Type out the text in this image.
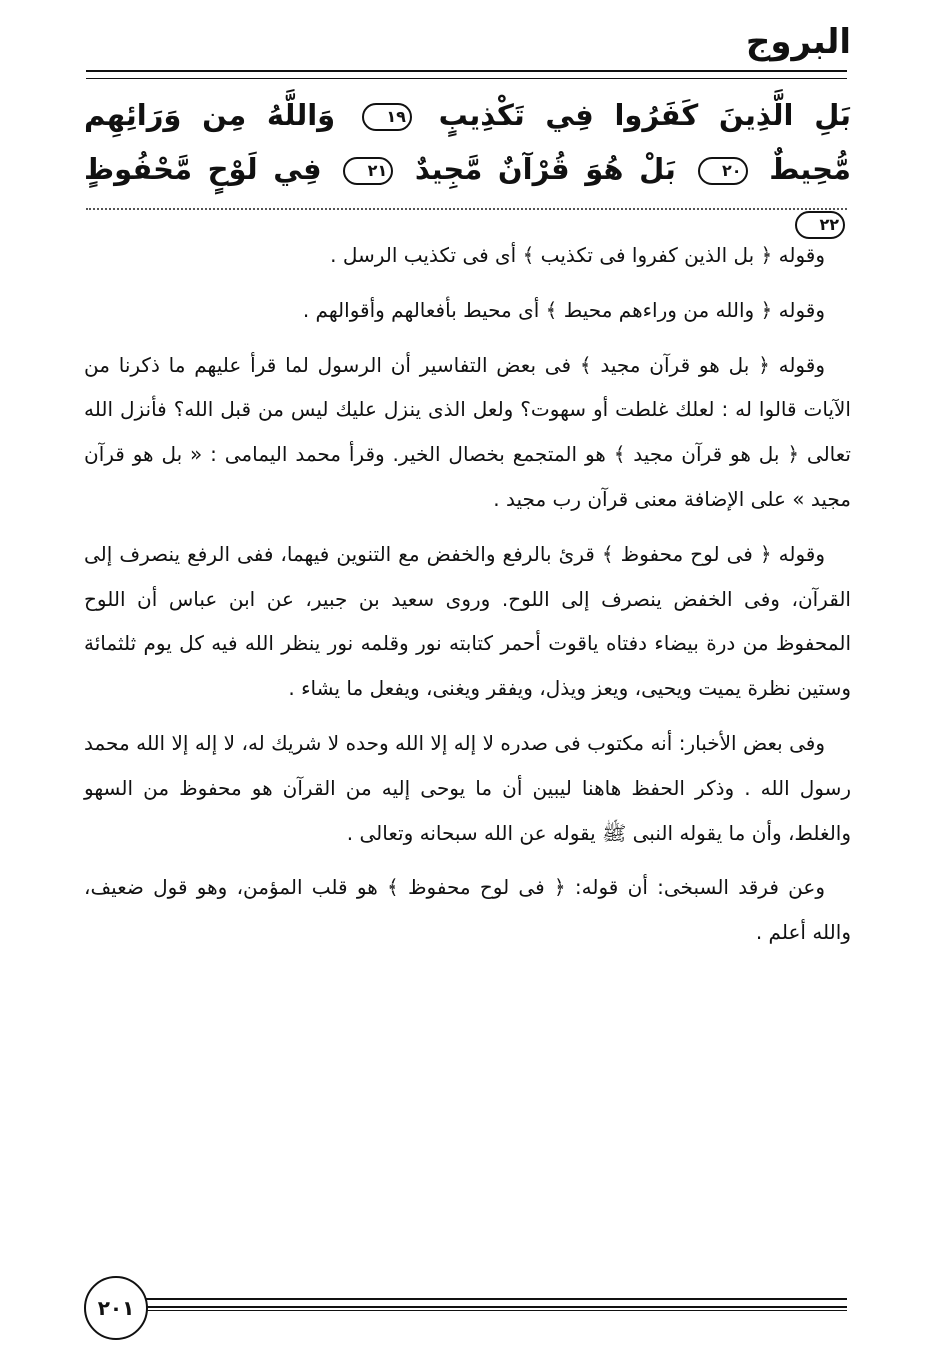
البروج
بَلِ الَّذِينَ كَفَرُوا فِي تَكْذِيبٍ ١٩ وَاللَّهُ مِن وَرَائِهِم مُّحِيطٌ ٢٠ بَلْ هُوَ قُرْآنٌ مَّجِيدٌ ٢١ فِي لَوْحٍ مَّحْفُوظٍ ٢٢

وقوله ﴿ بل الذين كفروا فى تكذيب ﴾ أى فى تكذيب الرسل .

وقوله ﴿ والله من وراءهم محيط ﴾ أى محيط بأفعالهم وأقوالهم .

وقوله ﴿ بل هو قرآن مجيد ﴾ فى بعض التفاسير أن الرسول لما قرأ عليهم ما ذكرنا من الآيات قالوا له : لعلك غلطت أو سهوت؟ ولعل الذى ينزل عليك ليس من قبل الله؟ فأنزل الله تعالى ﴿ بل هو قرآن مجيد ﴾ هو المتجمع بخصال الخير. وقرأ محمد اليمامى : « بل هو قرآن مجيد » على الإضافة معنى قرآن رب مجيد .

وقوله ﴿ فى لوح محفوظ ﴾ قرئ بالرفع والخفض مع التنوين فيهما، ففى الرفع ينصرف إلى القرآن، وفى الخفض ينصرف إلى اللوح. وروى سعيد بن جبير، عن ابن عباس أن اللوح المحفوظ من درة بيضاء دفتاه ياقوت أحمر كتابته نور وقلمه نور ينظر الله فيه كل يوم ثلثمائة وستين نظرة يميت ويحيى، ويعز ويذل، ويفقر ويغنى، ويفعل ما يشاء .

وفى بعض الأخبار: أنه مكتوب فى صدره لا إله إلا الله وحده لا شريك له، لا إله إلا الله محمد رسول الله . وذكر الحفظ هاهنا ليبين أن ما يوحى إليه من القرآن هو محفوظ من السهو والغلط، وأن ما يقوله النبى ﷺ يقوله عن الله سبحانه وتعالى .

وعن فرقد السبخى: أن قوله: ﴿ فى لوح محفوظ ﴾ هو قلب المؤمن، وهو قول ضعيف، والله أعلم .

٢٠١
